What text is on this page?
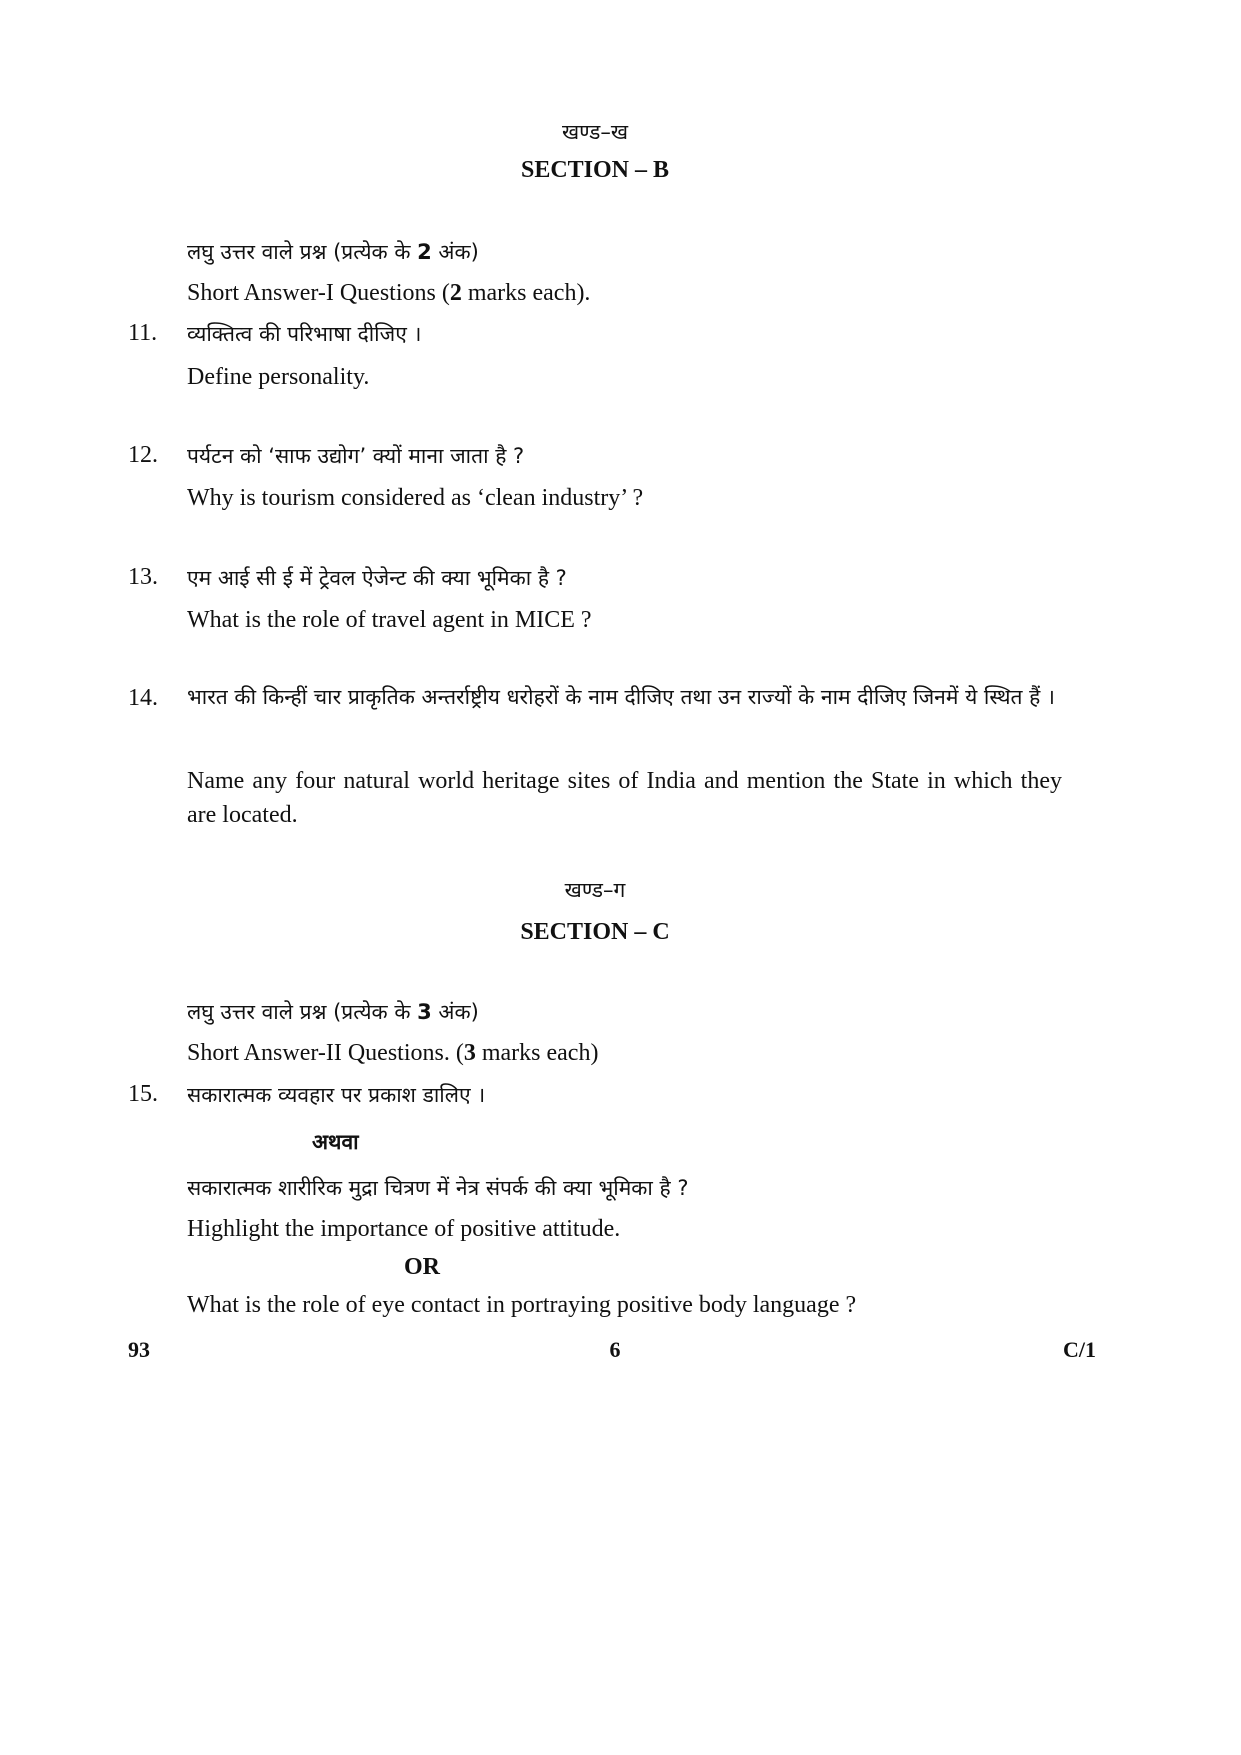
खण्ड–ख
SECTION – B
लघु उत्तर वाले प्रश्न (प्रत्येक के 2 अंक)
Short Answer-I Questions (2 marks each).
11. व्यक्तित्व की परिभाषा दीजिए ।
Define personality.
12. पर्यटन को ‘साफ उद्योग’ क्यों माना जाता है ?
Why is tourism considered as ‘clean industry’ ?
13. एम आई सी ई में ट्रेवल ऐजेन्ट की क्या भूमिका है ?
What is the role of travel agent in MICE ?
14. भारत की किन्हीं चार प्राकृतिक अन्तर्राष्ट्रीय धरोहरों के नाम दीजिए तथा उन राज्यों के नाम दीजिए जिनमें ये स्थित हैं ।
Name any four natural world heritage sites of India and mention the State in which they are located.
खण्ड–ग
SECTION – C
लघु उत्तर वाले प्रश्न (प्रत्येक के 3 अंक)
Short Answer-II Questions. (3 marks each)
15. सकारात्मक व्यवहार पर प्रकाश डालिए ।
अथवा
सकारात्मक शारीरिक मुद्रा चित्रण में नेत्र संपर्क की क्या भूमिका है ?
Highlight the importance of positive attitude.
OR
What is the role of eye contact in portraying positive body language ?
93	6	C/1
